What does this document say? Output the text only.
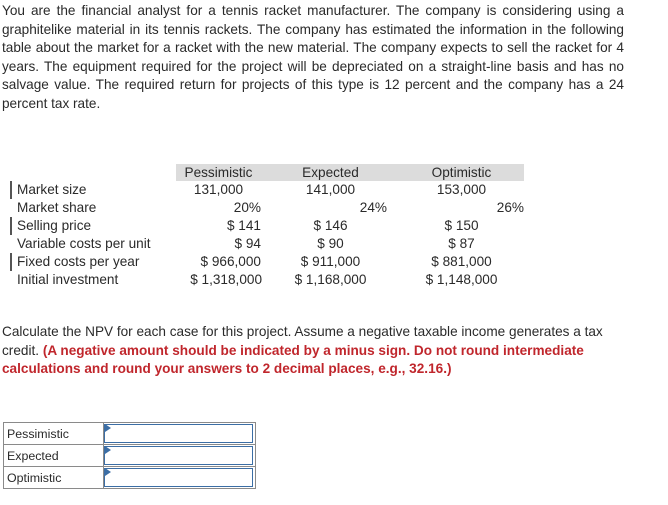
You are the financial analyst for a tennis racket manufacturer. The company is considering using a graphitelike material in its tennis rackets. The company has estimated the information in the following table about the market for a racket with the new material. The company expects to sell the racket for 4 years. The equipment required for the project will be depreciated on a straight-line basis and has no salvage value. The required return for projects of this type is 12 percent and the company has a 24 percent tax rate.

	Pessimistic	Expected	Optimistic
Market size	131,000	141,000	153,000
Market share	20%	24%	26%
Selling price	$ 141	$ 146	$ 150
Variable costs per unit	$ 94	$ 90	$ 87
Fixed costs per year	$ 966,000	$ 911,000	$ 881,000
Initial investment	$ 1,318,000	$ 1,168,000	$ 1,148,000

Calculate the NPV for each case for this project. Assume a negative taxable income generates a tax credit. (A negative amount should be indicated by a minus sign. Do not round intermediate calculations and round your answers to 2 decimal places, e.g., 32.16.)

Pessimistic	

Expected	

Optimistic	
